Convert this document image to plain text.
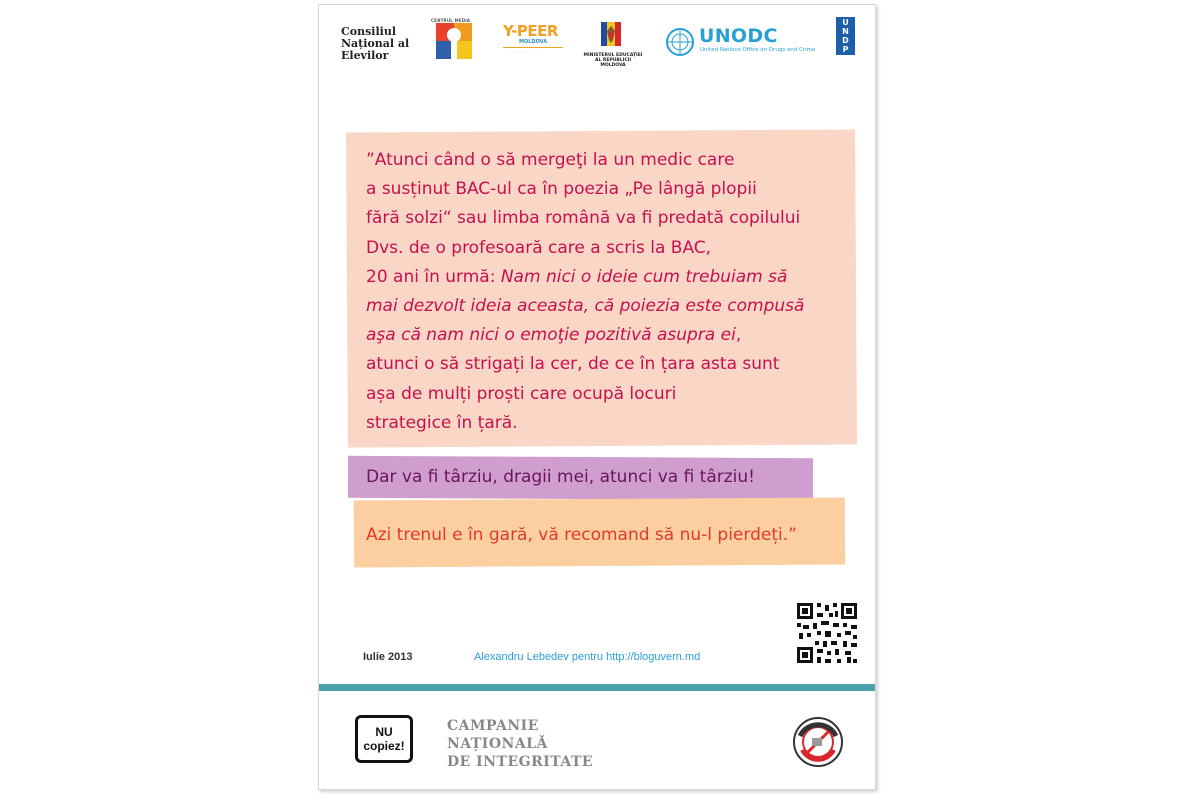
Consiliul
Național al
Elevilor
CENTRUL MEDIA
Y-PEER
MOLDOVA
· · · · · · · · · · · · · · · ·
MINISTERUL EDUCAȚIEI
AL REPUBLICII MOLDOVA
UNODC
United Nations Office on Drugs and Crime
U
N
D
P
”Atunci când o să mergeţi la un medic care
a susținut BAC-ul ca în poezia „Pe lângă plopii
fără solzi“ sau limba română va fi predată copilului
Dvs. de o profesoară care a scris la BAC,
20 ani în urmă: Nam nici o ideie cum trebuiam să
mai dezvolt ideia aceasta, că poiezia este compusă
aşa că nam nici o emoţie pozitivă asupra ei,
atunci o să strigați la cer, de ce în țara asta sunt
așa de mulți proști care ocupă locuri
strategice în țară.
Dar va fi târziu, dragii mei, atunci va fi târziu!
Azi trenul e în gară, vă recomand să nu-l pierdeți.”
Iulie 2013	Alexandru Lebedev pentru http://bloguvern.md
NU
copiez!
CAMPANIE
NAȚIONALĂ
DE INTEGRITATE
